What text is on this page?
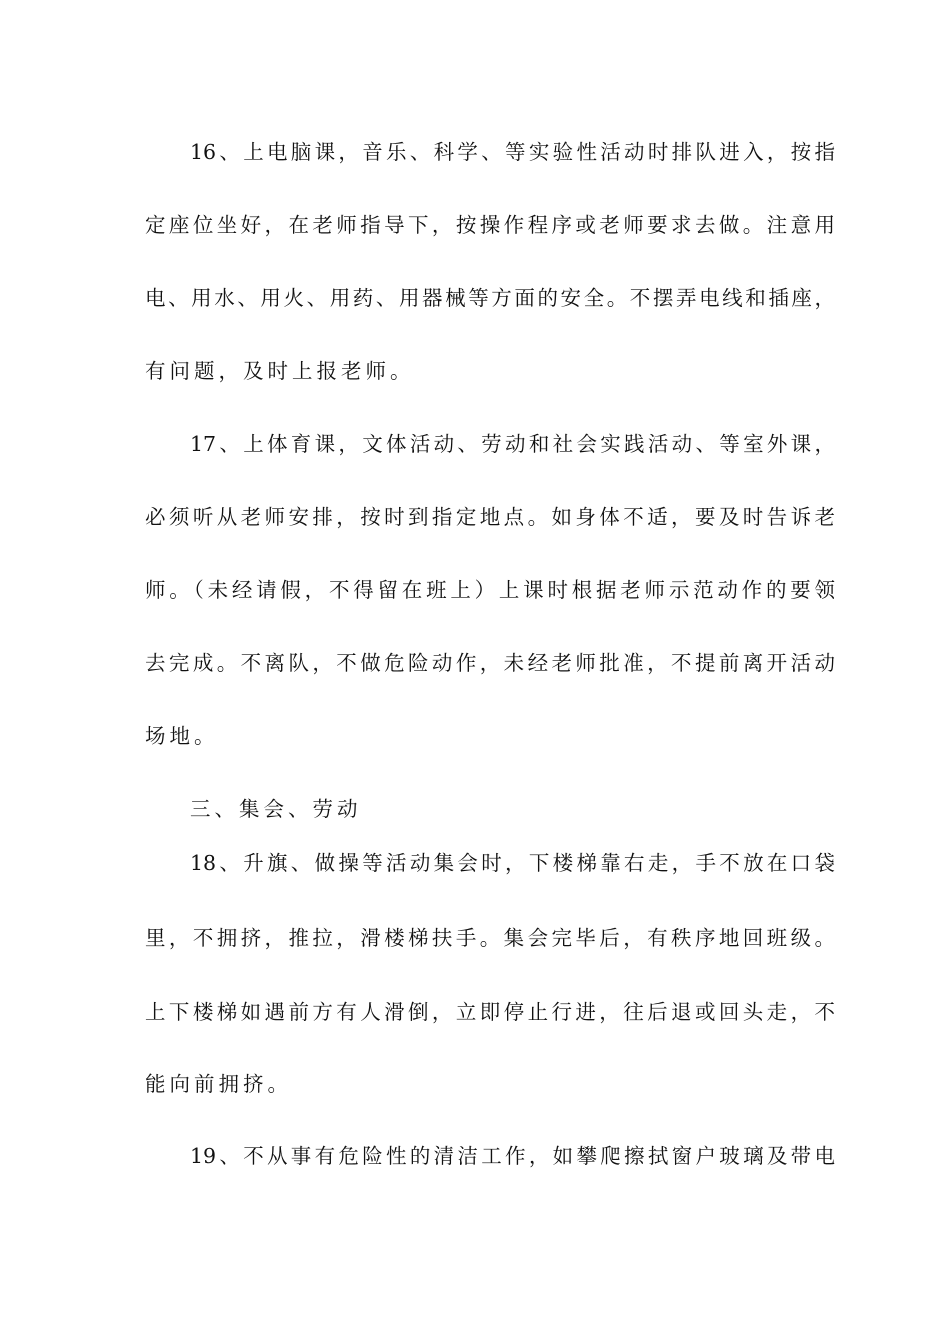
16、上电脑课，音乐、科学、等实验性活动时排队进入，按指
定座位坐好，在老师指导下，按操作程序或老师要求去做。注意用
电、用水、用火、用药、用器械等方面的安全。不摆弄电线和插座，
有问题，及时上报老师。
17、上体育课，文体活动、劳动和社会实践活动、等室外课，
必须听从老师安排，按时到指定地点。如身体不适，要及时告诉老
师。（未经请假，不得留在班上）上课时根据老师示范动作的要领
去完成。不离队，不做危险动作，未经老师批准，不提前离开活动
场地。
三、集会、劳动
18、升旗、做操等活动集会时，下楼梯靠右走，手不放在口袋
里，不拥挤，推拉，滑楼梯扶手。集会完毕后，有秩序地回班级。
上下楼梯如遇前方有人滑倒，立即停止行进，往后退或回头走，不
能向前拥挤。
19、不从事有危险性的清洁工作，如攀爬擦拭窗户玻璃及带电
